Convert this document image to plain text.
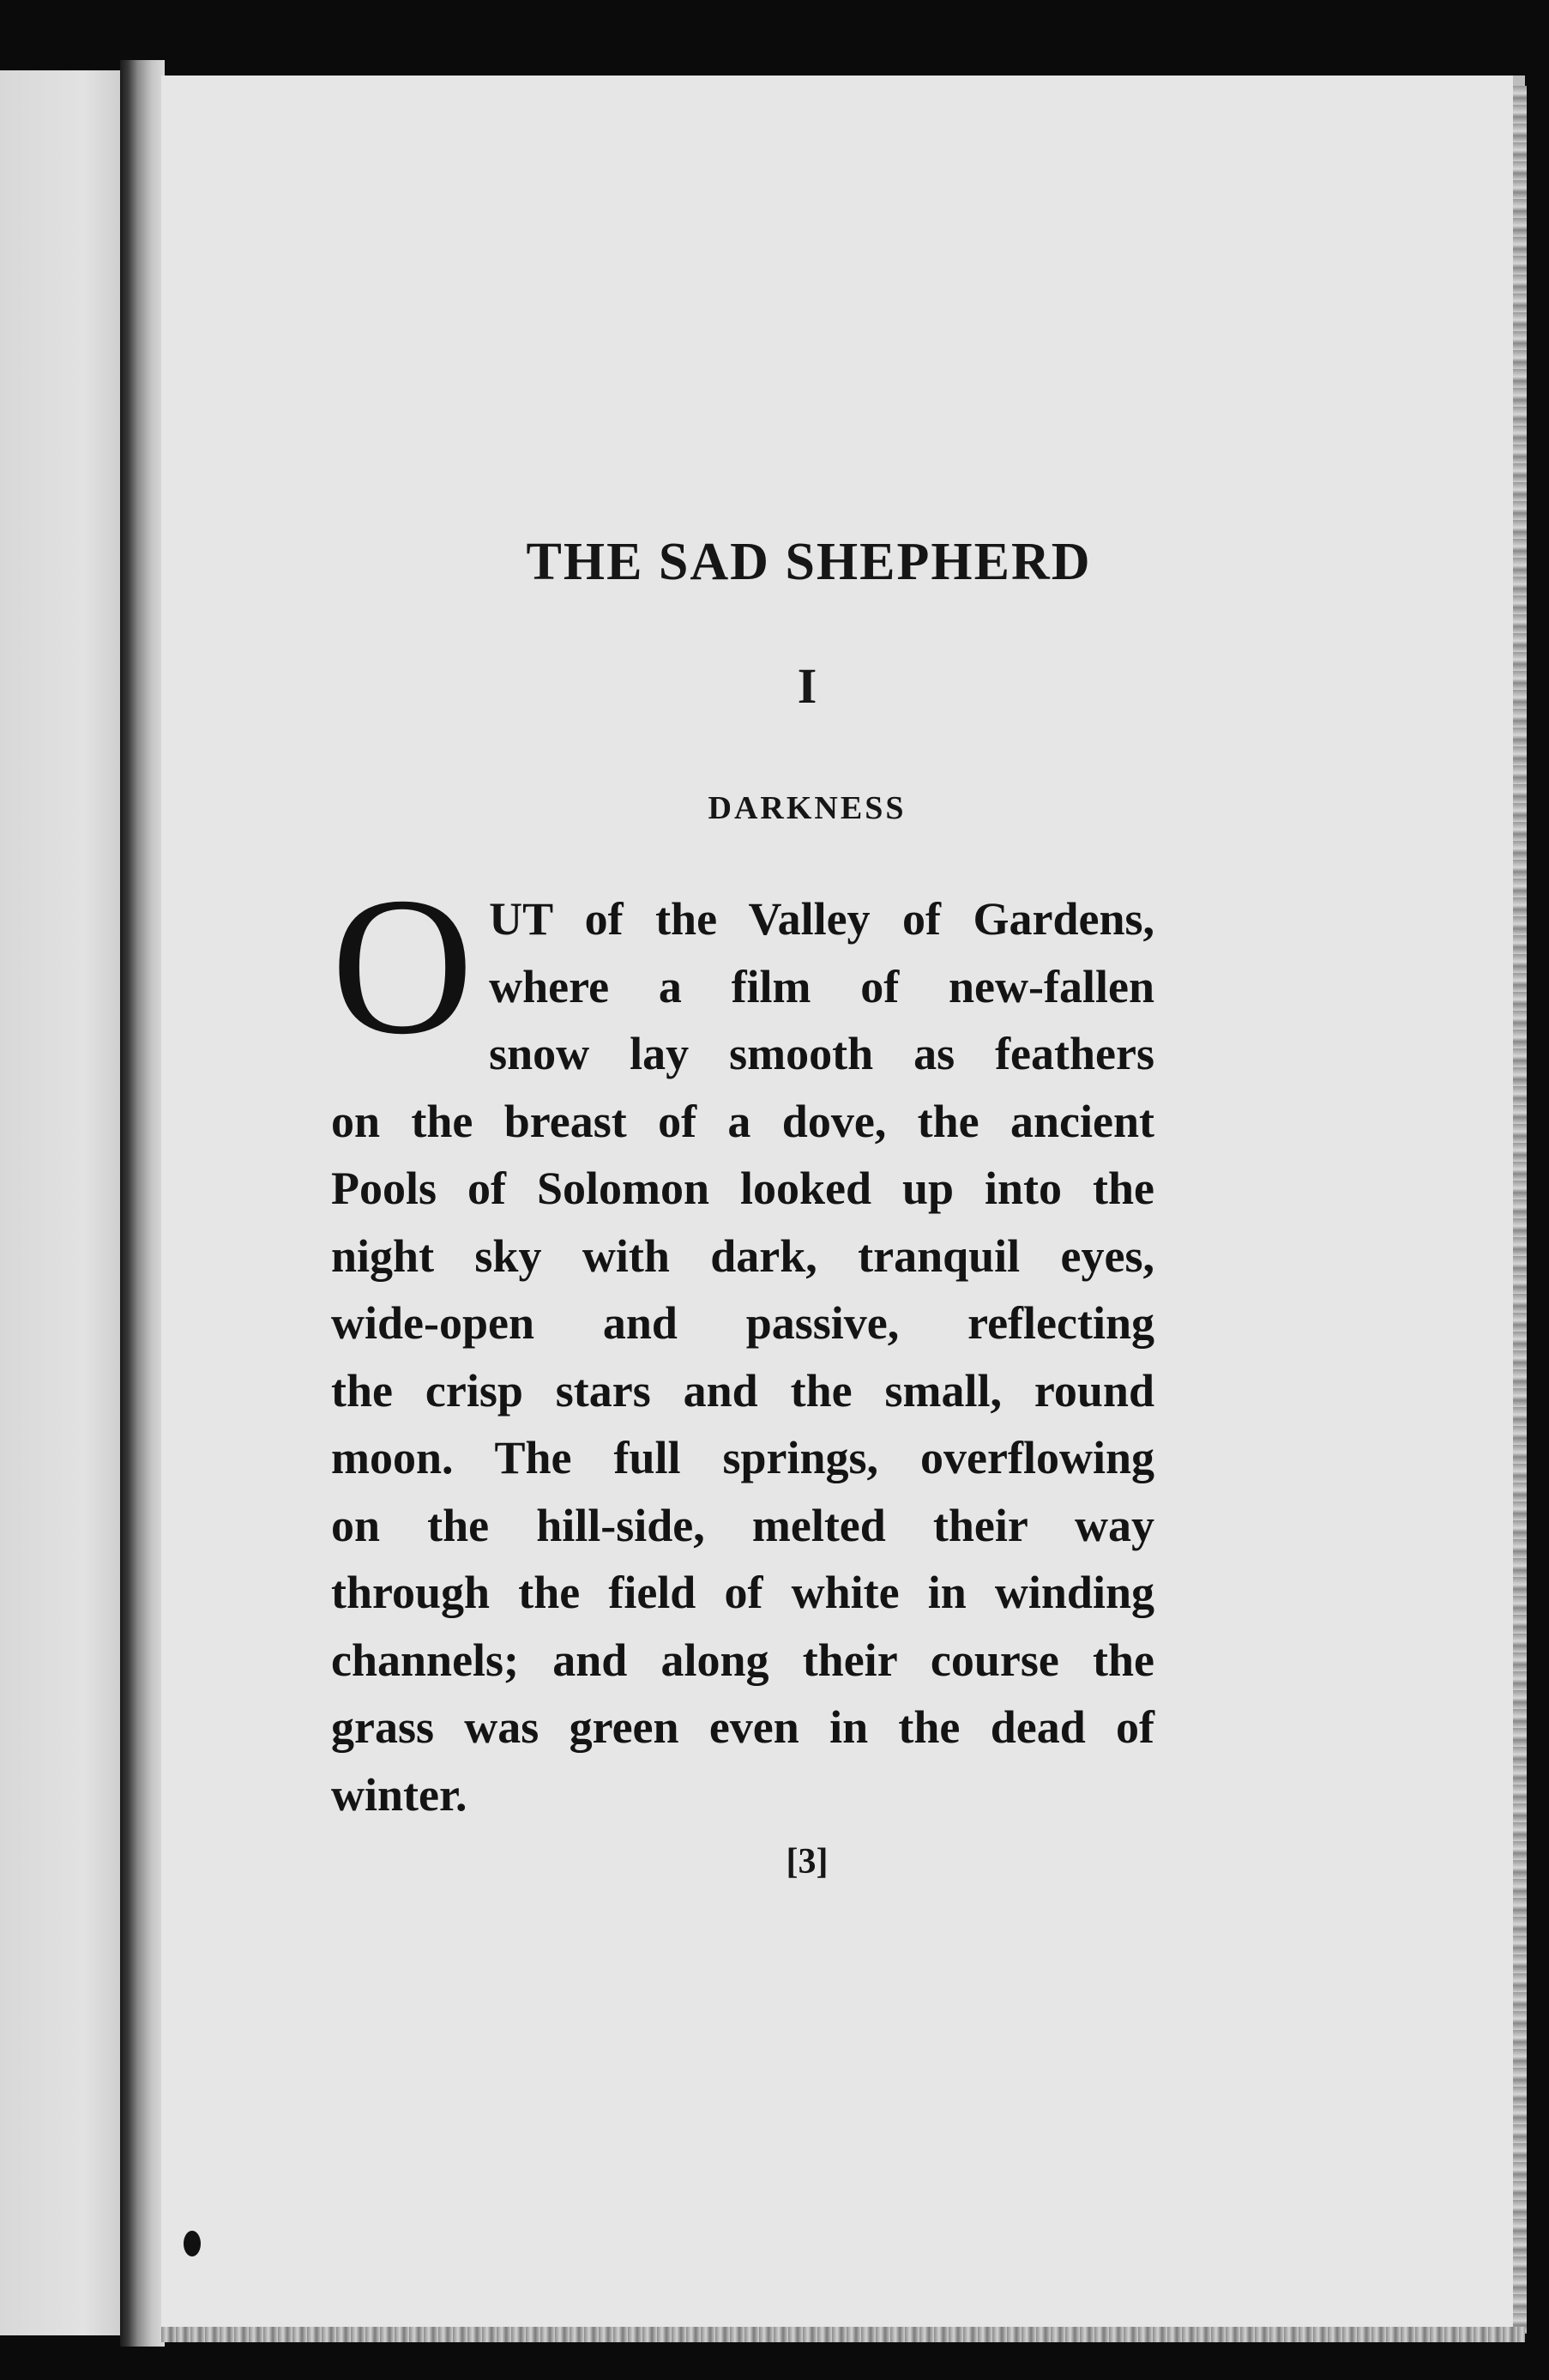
THE SAD SHEPHERD
I
DARKNESS
O UT of the Valley of Gardens,
where a film of new-fallen
snow lay smooth as feathers
on the breast of a dove, the ancient
Pools of Solomon looked up into the
night sky with dark, tranquil eyes,
wide-open and passive, reflecting
the crisp stars and the small, round
moon. The full springs, overflowing
on the hill-side, melted their way
through the field of white in winding
channels; and along their course the
grass was green even in the dead of
winter.
[3]
